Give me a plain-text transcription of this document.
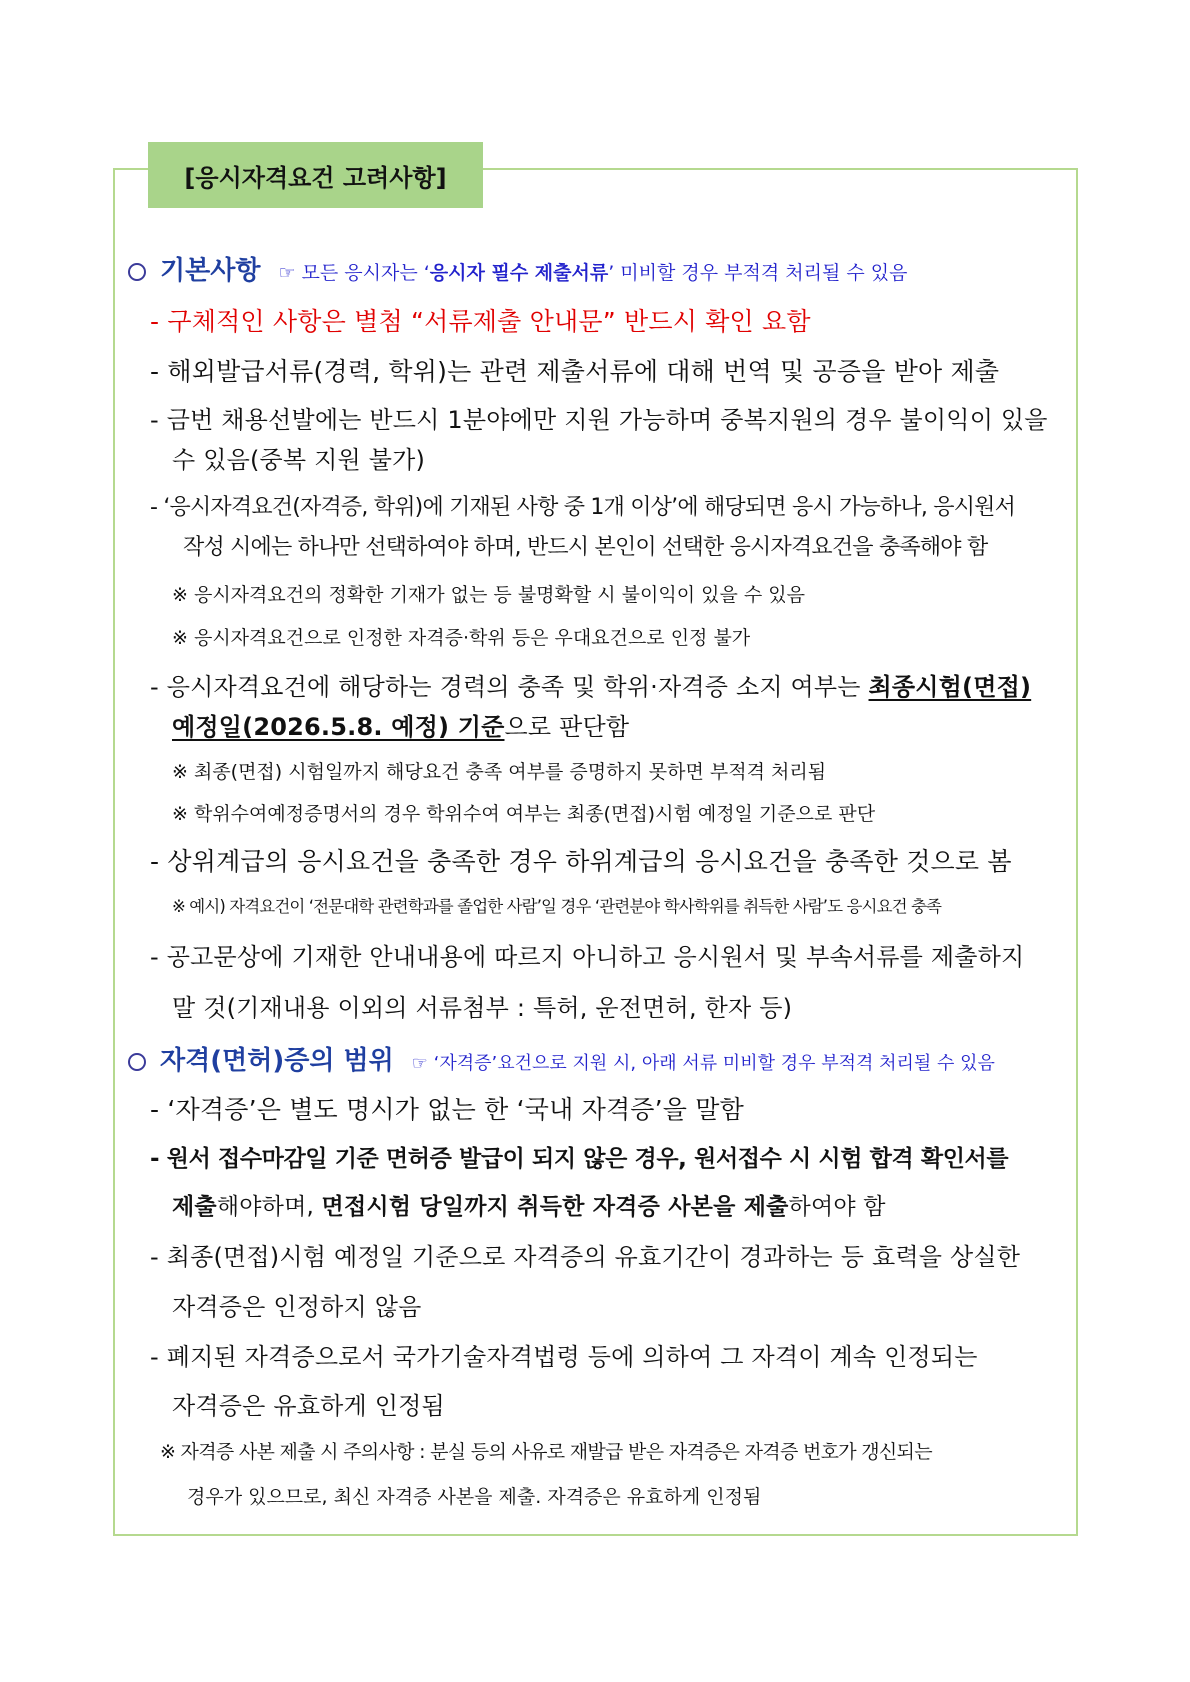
[응시자격요건 고려사항]
기본사항 ☞ 모든 응시자는 ‘응시자 필수 제출서류’ 미비할 경우 부적격 처리될 수 있음
- 구체적인 사항은 별첨 “서류제출 안내문” 반드시 확인 요함
- 해외발급서류(경력, 학위)는 관련 제출서류에 대해 번역 및 공증을 받아 제출
- 금번 채용선발에는 반드시 1분야에만 지원 가능하며 중복지원의 경우 불이익이 있을
수 있음(중복 지원 불가)
- ‘응시자격요건(자격증, 학위)에 기재된 사항 중 1개 이상’에 해당되면 응시 가능하나, 응시원서
작성 시에는 하나만 선택하여야 하며, 반드시 본인이 선택한 응시자격요건을 충족해야 함
※ 응시자격요건의 정확한 기재가 없는 등 불명확할 시 불이익이 있을 수 있음
※ 응시자격요건으로 인정한 자격증·학위 등은 우대요건으로 인정 불가
- 응시자격요건에 해당하는 경력의 충족 및 학위·자격증 소지 여부는 최종시험(면접)
예정일(2026.5.8. 예정) 기준으로 판단함
※ 최종(면접) 시험일까지 해당요건 충족 여부를 증명하지 못하면 부적격 처리됨
※ 학위수여예정증명서의 경우 학위수여 여부는 최종(면접)시험 예정일 기준으로 판단
- 상위계급의 응시요건을 충족한 경우 하위계급의 응시요건을 충족한 것으로 봄
※ 예시) 자격요건이 ‘전문대학 관련학과를 졸업한 사람’일 경우 ‘관련분야 학사학위를 취득한 사람’도 응시요건 충족
- 공고문상에 기재한 안내내용에 따르지 아니하고 응시원서 및 부속서류를 제출하지
말 것(기재내용 이외의 서류첨부 : 특허, 운전면허, 한자 등)
자격(면허)증의 범위 ☞ ‘자격증’요건으로 지원 시, 아래 서류 미비할 경우 부적격 처리될 수 있음
- ‘자격증’은 별도 명시가 없는 한 ‘국내 자격증’을 말함
- 원서 접수마감일 기준 면허증 발급이 되지 않은 경우, 원서접수 시 시험 합격 확인서를
제출해야하며, 면접시험 당일까지 취득한 자격증 사본을 제출하여야 함
- 최종(면접)시험 예정일 기준으로 자격증의 유효기간이 경과하는 등 효력을 상실한
자격증은 인정하지 않음
- 폐지된 자격증으로서 국가기술자격법령 등에 의하여 그 자격이 계속 인정되는
자격증은 유효하게 인정됨
※ 자격증 사본 제출 시 주의사항 : 분실 등의 사유로 재발급 받은 자격증은 자격증 번호가 갱신되는
경우가 있으므로, 최신 자격증 사본을 제출. 자격증은 유효하게 인정됨
